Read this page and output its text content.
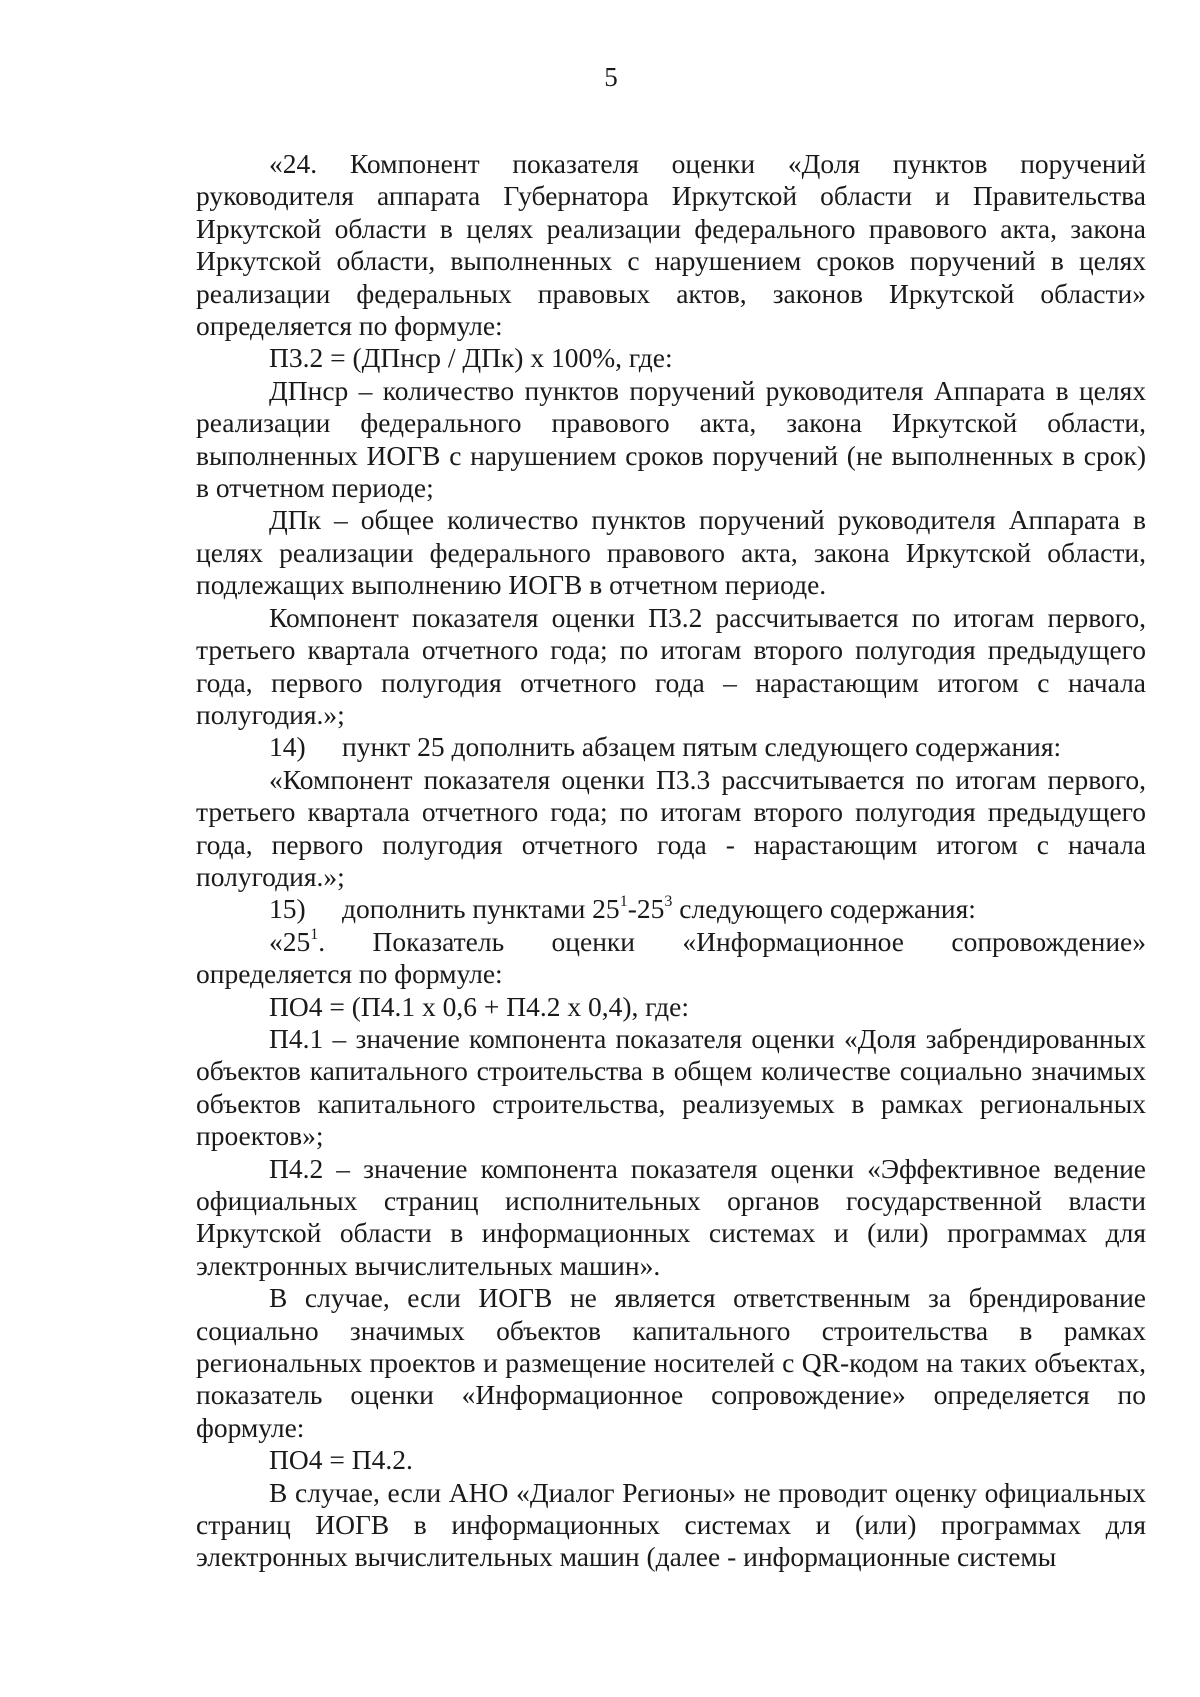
5

«24. Компонент показателя оценки «Доля пунктов поручений руководителя аппарата Губернатора Иркутской области и Правительства Иркутской области в целях реализации федерального правового акта, закона Иркутской области, выполненных с нарушением сроков поручений в целях реализации федеральных правовых актов, законов Иркутской области» определяется по формуле:

П3.2 = (ДПнср / ДПк) х 100%, где:

ДПнср – количество пунктов поручений руководителя Аппарата в целях реализации федерального правового акта, закона Иркутской области, выполненных ИОГВ с нарушением сроков поручений (не выполненных в срок) в отчетном периоде;

ДПк – общее количество пунктов поручений руководителя Аппарата в целях реализации федерального правового акта, закона Иркутской области, подлежащих выполнению ИОГВ в отчетном периоде.

Компонент показателя оценки П3.2 рассчитывается по итогам первого, третьего квартала отчетного года; по итогам второго полугодия предыдущего года, первого полугодия отчетного года – нарастающим итогом с начала полугодия.»;

14) пункт 25 дополнить абзацем пятым следующего содержания:

«Компонент показателя оценки П3.3 рассчитывается по итогам первого, третьего квартала отчетного года; по итогам второго полугодия предыдущего года, первого полугодия отчетного года - нарастающим итогом с начала полугодия.»;

15) дополнить пунктами $25^1-25^3$ следующего содержания:

«$25^1$. Показатель оценки «Информационное сопровождение» определяется по формуле:

ПО4 = (П4.1 х 0,6 + П4.2 х 0,4), где:

П4.1 – значение компонента показателя оценки «Доля забрендированных объектов капитального строительства в общем количестве социально значимых объектов капитального строительства, реализуемых в рамках региональных проектов»;

П4.2 – значение компонента показателя оценки «Эффективное ведение официальных страниц исполнительных органов государственной власти Иркутской области в информационных системах и (или) программах для электронных вычислительных машин».

В случае, если ИОГВ не является ответственным за брендирование социально значимых объектов капитального строительства в рамках региональных проектов и размещение носителей с QR-кодом на таких объектах, показатель оценки «Информационное сопровождение» определяется по формуле:

ПО4 = П4.2.

В случае, если АНО «Диалог Регионы» не проводит оценку официальных страниц ИОГВ в информационных системах и (или) программах для электронных вычислительных машин (далее - информационные системы
